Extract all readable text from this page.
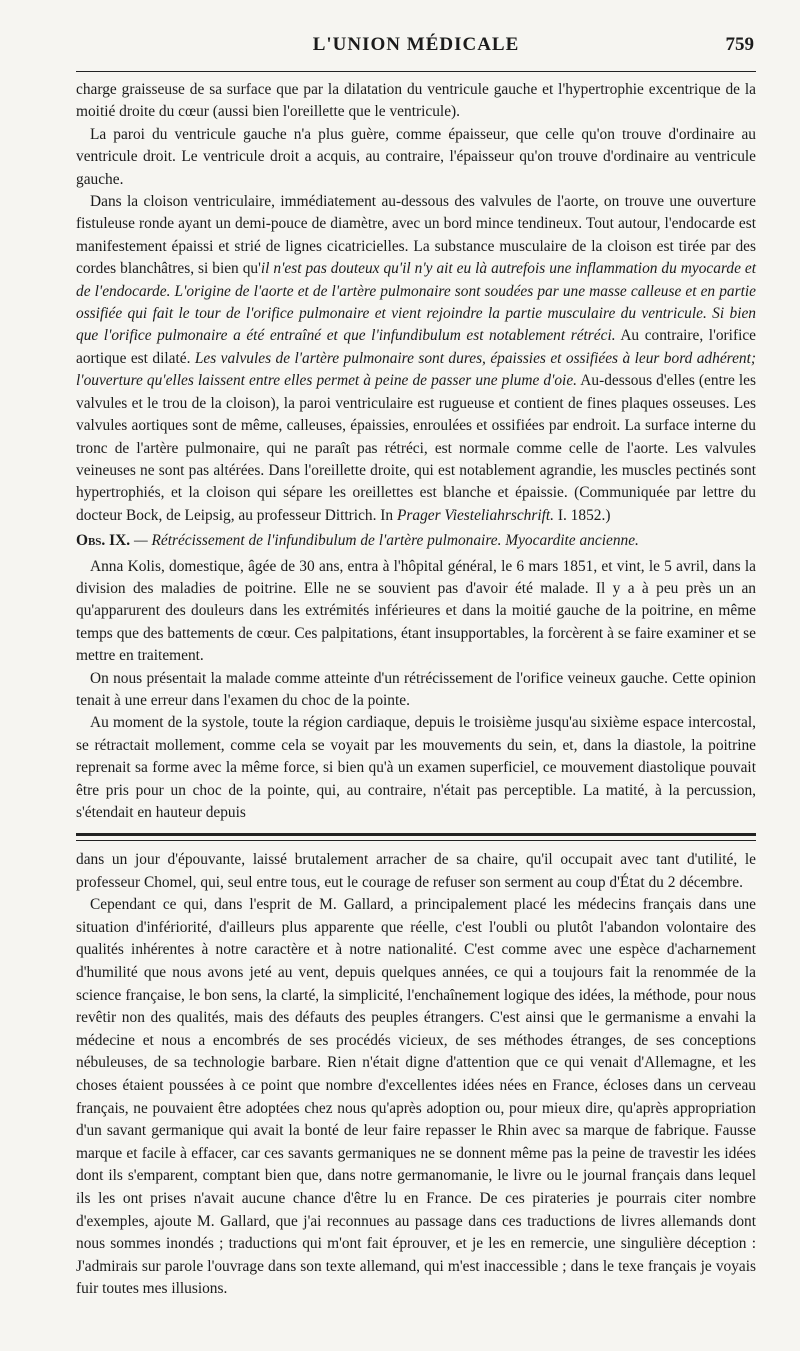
L'UNION MÉDICALE	759

charge graisseuse de sa surface que par la dilatation du ventricule gauche et l'hypertrophie excentrique de la moitié droite du cœur (aussi bien l'oreillette que le ventricule).

La paroi du ventricule gauche n'a plus guère, comme épaisseur, que celle qu'on trouve d'ordinaire au ventricule droit. Le ventricule droit a acquis, au contraire, l'épaisseur qu'on trouve d'ordinaire au ventricule gauche.

Dans la cloison ventriculaire, immédiatement au-dessous des valvules de l'aorte, on trouve une ouverture fistuleuse ronde ayant un demi-pouce de diamètre, avec un bord mince tendineux. Tout autour, l'endocarde est manifestement épaissi et strié de lignes cicatricielles. La substance musculaire de la cloison est tirée par des cordes blanchâtres, si bien qu'il n'est pas douteux qu'il n'y ait eu là autrefois une inflammation du myocarde et de l'endocarde. L'origine de l'aorte et de l'artère pulmonaire sont soudées par une masse calleuse et en partie ossifiée qui fait le tour de l'orifice pulmonaire et vient rejoindre la partie musculaire du ventricule. Si bien que l'orifice pulmonaire a été entraîné et que l'infundibulum est notablement rétréci. Au contraire, l'orifice aortique est dilaté. Les valvules de l'artère pulmonaire sont dures, épaissies et ossifiées à leur bord adhérent; l'ouverture qu'elles laissent entre elles permet à peine de passer une plume d'oie. Au-dessous d'elles (entre les valvules et le trou de la cloison), la paroi ventriculaire est rugueuse et contient de fines plaques osseuses. Les valvules aortiques sont de même, calleuses, épaissies, enroulées et ossifiées par endroit. La surface interne du tronc de l'artère pulmonaire, qui ne paraît pas rétréci, est normale comme celle de l'aorte. Les valvules veineuses ne sont pas altérées. Dans l'oreillette droite, qui est notablement agrandie, les muscles pectinés sont hypertrophiés, et la cloison qui sépare les oreillettes est blanche et épaissie. (Communiquée par lettre du docteur Bock, de Leipsig, au professeur Dittrich. In Prager Viesteliahrschrift. I. 1852.)

Obs. IX. — Rétrécissement de l'infundibulum de l'artère pulmonaire. Myocardite ancienne.

Anna Kolis, domestique, âgée de 30 ans, entra à l'hôpital général, le 6 mars 1851, et vint, le 5 avril, dans la division des maladies de poitrine. Elle ne se souvient pas d'avoir été malade. Il y a à peu près un an qu'apparurent des douleurs dans les extrémités inférieures et dans la moitié gauche de la poitrine, en même temps que des battements de cœur. Ces palpitations, étant insupportables, la forcèrent à se faire examiner et se mettre en traitement.

On nous présentait la malade comme atteinte d'un rétrécissement de l'orifice veineux gauche. Cette opinion tenait à une erreur dans l'examen du choc de la pointe.

Au moment de la systole, toute la région cardiaque, depuis le troisième jusqu'au sixième espace intercostal, se rétractait mollement, comme cela se voyait par les mouvements du sein, et, dans la diastole, la poitrine reprenait sa forme avec la même force, si bien qu'à un examen superficiel, ce mouvement diastolique pouvait être pris pour un choc de la pointe, qui, au contraire, n'était pas perceptible. La matité, à la percussion, s'étendait en hauteur depuis

dans un jour d'épouvante, laissé brutalement arracher de sa chaire, qu'il occupait avec tant d'utilité, le professeur Chomel, qui, seul entre tous, eut le courage de refuser son serment au coup d'État du 2 décembre.

Cependant ce qui, dans l'esprit de M. Gallard, a principalement placé les médecins français dans une situation d'infériorité, d'ailleurs plus apparente que réelle, c'est l'oubli ou plutôt l'abandon volontaire des qualités inhérentes à notre caractère et à notre nationalité. C'est comme avec une espèce d'acharnement d'humilité que nous avons jeté au vent, depuis quelques années, ce qui a toujours fait la renommée de la science française, le bon sens, la clarté, la simplicité, l'enchaînement logique des idées, la méthode, pour nous revêtir non des qualités, mais des défauts des peuples étrangers. C'est ainsi que le germanisme a envahi la médecine et nous a encombrés de ses procédés vicieux, de ses méthodes étranges, de ses conceptions nébuleuses, de sa technologie barbare. Rien n'était digne d'attention que ce qui venait d'Allemagne, et les choses étaient poussées à ce point que nombre d'excellentes idées nées en France, écloses dans un cerveau français, ne pouvaient être adoptées chez nous qu'après adoption ou, pour mieux dire, qu'après appropriation d'un savant germanique qui avait la bonté de leur faire repasser le Rhin avec sa marque de fabrique. Fausse marque et facile à effacer, car ces savants germaniques ne se donnent même pas la peine de travestir les idées dont ils s'emparent, comptant bien que, dans notre germanomanie, le livre ou le journal français dans lequel ils les ont prises n'avait aucune chance d'être lu en France. De ces pirateries je pourrais citer nombre d'exemples, ajoute M. Gallard, que j'ai reconnues au passage dans ces traductions de livres allemands dont nous sommes inondés ; traductions qui m'ont fait éprouver, et je les en remercie, une singulière déception : J'admirais sur parole l'ouvrage dans son texte allemand, qui m'est inaccessible ; dans le texe français je voyais fuir toutes mes illusions.
